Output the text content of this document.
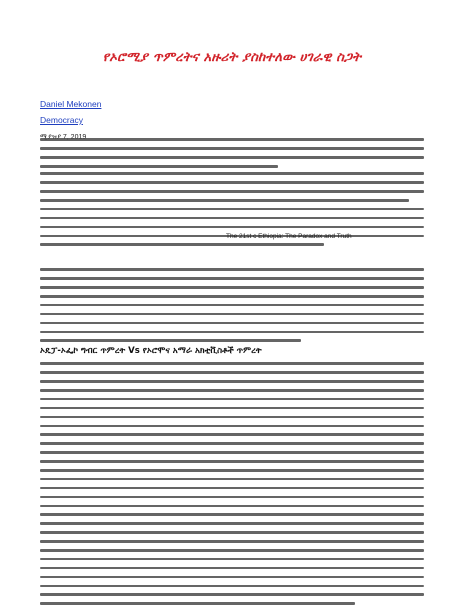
የኦሮሚያ ጥምረትና አዙሪት ያስከተለው ሀገራዊ ስጋት
Daniel Mekonen
Democracy
The 21st c Ethiopia: The Paradox and Truth
ኦዴፓ-ኦፌኮ ግብር ጥምረት Vs የኦሮሞና አማራ አክቲቪስቶች ጥምረት
